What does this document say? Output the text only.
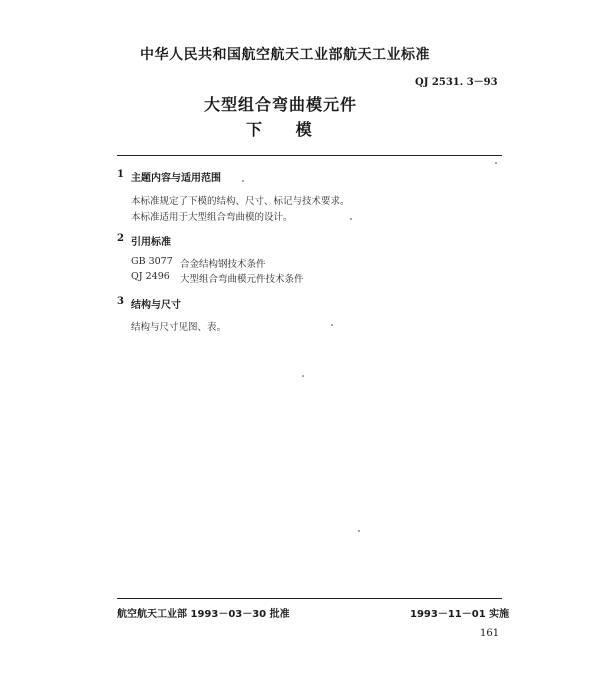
中华人民共和国航空航天工业部航天工业标准
QJ 2531. 3－93
大型组合弯曲模元件
下 模
1 主题内容与适用范围
本标准规定了下模的结构、尺寸、标记与技术要求。
本标准适用于大型组合弯曲模的设计。
2 引用标准
GB 3077 合金结构钢技术条件
QJ 2496 大型组合弯曲模元件技术条件
3 结构与尺寸
结构与尺寸见图、表。
航空航天工业部 1993－03－30 批准	1993－11－01 实施
161
